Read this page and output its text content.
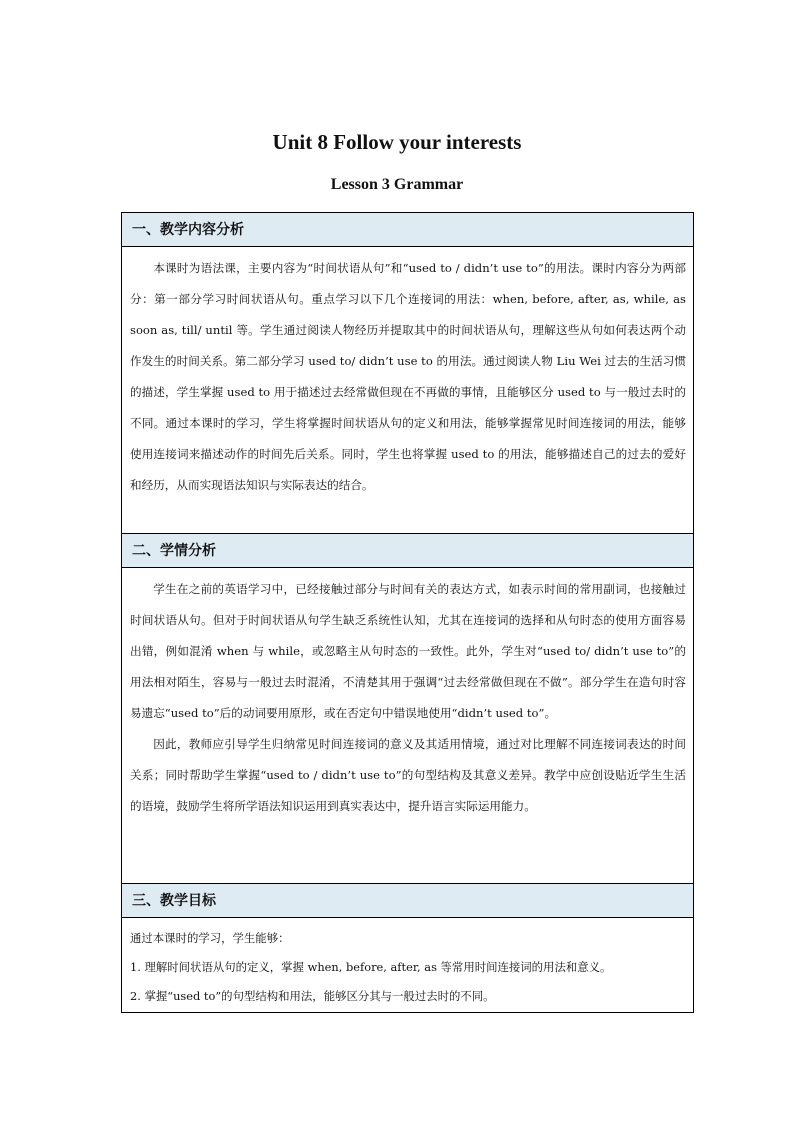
Unit 8 Follow your interests
Lesson 3 Grammar
一、教学内容分析

本课时为语法课，主要内容为“时间状语从句”和“used to / didn’t use to”的用法。课时内容分为两部分：第一部分学习时间状语从句。重点学习以下几个连接词的用法：when, before, after, as, while, as soon as, till/ until 等。学生通过阅读人物经历并提取其中的时间状语从句，理解这些从句如何表达两个动作发生的时间关系。第二部分学习 used to/ didn’t use to 的用法。通过阅读人物 Liu Wei 过去的生活习惯的描述，学生掌握 used to 用于描述过去经常做但现在不再做的事情，且能够区分 used to 与一般过去时的不同。通过本课时的学习，学生将掌握时间状语从句的定义和用法，能够掌握常见时间连接词的用法，能够使用连接词来描述动作的时间先后关系。同时，学生也将掌握 used to 的用法，能够描述自己的过去的爱好和经历，从而实现语法知识与实际表达的结合。

二、学情分析

学生在之前的英语学习中，已经接触过部分与时间有关的表达方式，如表示时间的常用副词，也接触过时间状语从句。但对于时间状语从句学生缺乏系统性认知，尤其在连接词的选择和从句时态的使用方面容易出错，例如混淆 when 与 while，或忽略主从句时态的一致性。此外，学生对“used to/ didn’t use to”的用法相对陌生，容易与一般过去时混淆，不清楚其用于强调“过去经常做但现在不做”。部分学生在造句时容易遗忘“used to”后的动词要用原形，或在否定句中错误地使用“didn’t used to”。

因此，教师应引导学生归纳常见时间连接词的意义及其适用情境，通过对比理解不同连接词表达的时间关系；同时帮助学生掌握“used to / didn’t use to”的句型结构及其意义差异。教学中应创设贴近学生生活的语境，鼓励学生将所学语法知识运用到真实表达中，提升语言实际运用能力。

三、教学目标

通过本课时的学习，学生能够：

1. 理解时间状语从句的定义，掌握 when, before, after, as 等常用时间连接词的用法和意义。

2. 掌握“used to”的句型结构和用法，能够区分其与一般过去时的不同。
